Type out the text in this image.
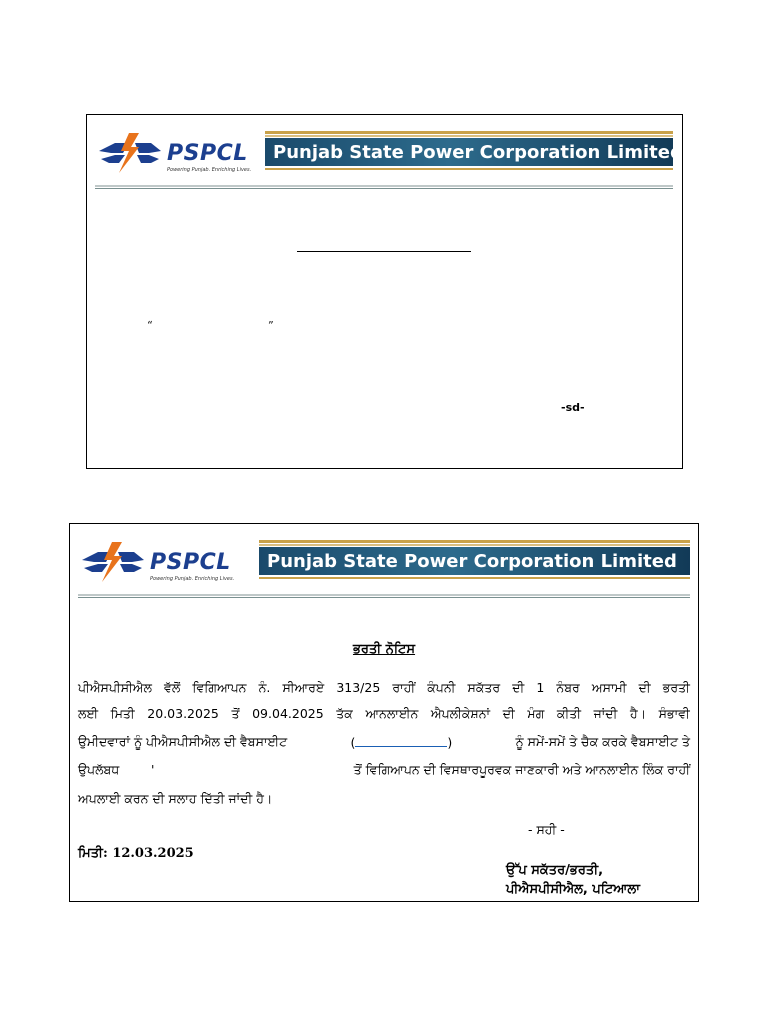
PSPCL
Powering Punjab. Enriching Lives.
Punjab State Power Corporation Limited
“	”
-sd-
PSPCL
Powering Punjab. Enriching Lives.
Punjab State Power Corporation Limited
ਭਰਤੀ ਨੋਟਿਸ
ਪੀਐਸਪੀਸੀਐਲ ਵੱਲੋਂ ਵਿਗਿਆਪਨ ਨੰ. ਸੀਆਰਏ 313/25 ਰਾਹੀਂ ਕੰਪਨੀ ਸਕੱਤਰ ਦੀ 1 ਨੰਬਰ ਅਸਾਮੀ ਦੀ ਭਰਤੀ
ਲਈ ਮਿਤੀ 20.03.2025 ਤੋਂ 09.04.2025 ਤੱਕ ਆਨਲਾਈਨ ਐਪਲੀਕੇਸ਼ਨਾਂ ਦੀ ਮੰਗ ਕੀਤੀ ਜਾਂਦੀ ਹੈ। ਸੰਭਾਵੀ
ਉਮੀਦਵਾਰਾਂ ਨੂੰ ਪੀਐਸਪੀਸੀਐਲ ਦੀ ਵੈਬਸਾਈਟ	(	)	ਨੂੰ ਸਮੇਂ-ਸਮੇਂ ਤੇ ਚੈਕ ਕਰਕੇ ਵੈਬਸਾਈਟ ਤੇ
ਉਪਲੱਬਧ        '	ਤੋਂ ਵਿਗਿਆਪਨ ਦੀ ਵਿਸਥਾਰਪੂਰਵਕ ਜਾਣਕਾਰੀ ਅਤੇ ਆਨਲਾਈਨ ਲਿੰਕ ਰਾਹੀਂ
ਅਪਲਾਈ ਕਰਨ ਦੀ ਸਲਾਹ ਦਿੱਤੀ ਜਾਂਦੀ ਹੈ।
- ਸਹੀ -
ਮਿਤੀ: 12.03.2025
ਉੱਪ ਸਕੱਤਰ/ਭਰਤੀ,
ਪੀਐਸਪੀਸੀਐਲ, ਪਟਿਆਲਾ
